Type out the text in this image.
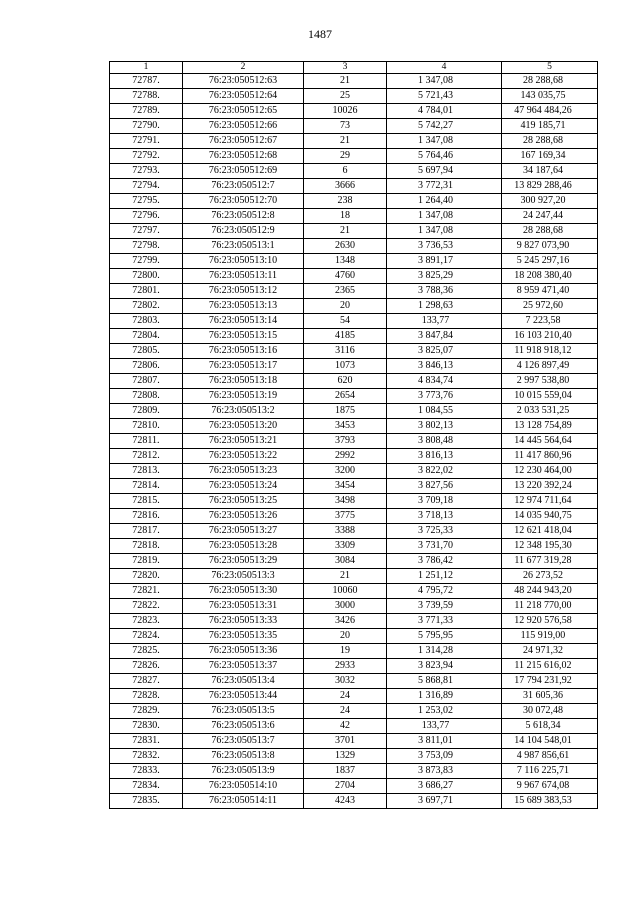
1487
1	2	3	4	5
72787.	76:23:050512:63	21	1 347,08	28 288,68
72788.	76:23:050512:64	25	5 721,43	143 035,75
72789.	76:23:050512:65	10026	4 784,01	47 964 484,26
72790.	76:23:050512:66	73	5 742,27	419 185,71
72791.	76:23:050512:67	21	1 347,08	28 288,68
72792.	76:23:050512:68	29	5 764,46	167 169,34
72793.	76:23:050512:69	6	5 697,94	34 187,64
72794.	76:23:050512:7	3666	3 772,31	13 829 288,46
72795.	76:23:050512:70	238	1 264,40	300 927,20
72796.	76:23:050512:8	18	1 347,08	24 247,44
72797.	76:23:050512:9	21	1 347,08	28 288,68
72798.	76:23:050513:1	2630	3 736,53	9 827 073,90
72799.	76:23:050513:10	1348	3 891,17	5 245 297,16
72800.	76:23:050513:11	4760	3 825,29	18 208 380,40
72801.	76:23:050513:12	2365	3 788,36	8 959 471,40
72802.	76:23:050513:13	20	1 298,63	25 972,60
72803.	76:23:050513:14	54	133,77	7 223,58
72804.	76:23:050513:15	4185	3 847,84	16 103 210,40
72805.	76:23:050513:16	3116	3 825,07	11 918 918,12
72806.	76:23:050513:17	1073	3 846,13	4 126 897,49
72807.	76:23:050513:18	620	4 834,74	2 997 538,80
72808.	76:23:050513:19	2654	3 773,76	10 015 559,04
72809.	76:23:050513:2	1875	1 084,55	2 033 531,25
72810.	76:23:050513:20	3453	3 802,13	13 128 754,89
72811.	76:23:050513:21	3793	3 808,48	14 445 564,64
72812.	76:23:050513:22	2992	3 816,13	11 417 860,96
72813.	76:23:050513:23	3200	3 822,02	12 230 464,00
72814.	76:23:050513:24	3454	3 827,56	13 220 392,24
72815.	76:23:050513:25	3498	3 709,18	12 974 711,64
72816.	76:23:050513:26	3775	3 718,13	14 035 940,75
72817.	76:23:050513:27	3388	3 725,33	12 621 418,04
72818.	76:23:050513:28	3309	3 731,70	12 348 195,30
72819.	76:23:050513:29	3084	3 786,42	11 677 319,28
72820.	76:23:050513:3	21	1 251,12	26 273,52
72821.	76:23:050513:30	10060	4 795,72	48 244 943,20
72822.	76:23:050513:31	3000	3 739,59	11 218 770,00
72823.	76:23:050513:33	3426	3 771,33	12 920 576,58
72824.	76:23:050513:35	20	5 795,95	115 919,00
72825.	76:23:050513:36	19	1 314,28	24 971,32
72826.	76:23:050513:37	2933	3 823,94	11 215 616,02
72827.	76:23:050513:4	3032	5 868,81	17 794 231,92
72828.	76:23:050513:44	24	1 316,89	31 605,36
72829.	76:23:050513:5	24	1 253,02	30 072,48
72830.	76:23:050513:6	42	133,77	5 618,34
72831.	76:23:050513:7	3701	3 811,01	14 104 548,01
72832.	76:23:050513:8	1329	3 753,09	4 987 856,61
72833.	76:23:050513:9	1837	3 873,83	7 116 225,71
72834.	76:23:050514:10	2704	3 686,27	9 967 674,08
72835.	76:23:050514:11	4243	3 697,71	15 689 383,53
